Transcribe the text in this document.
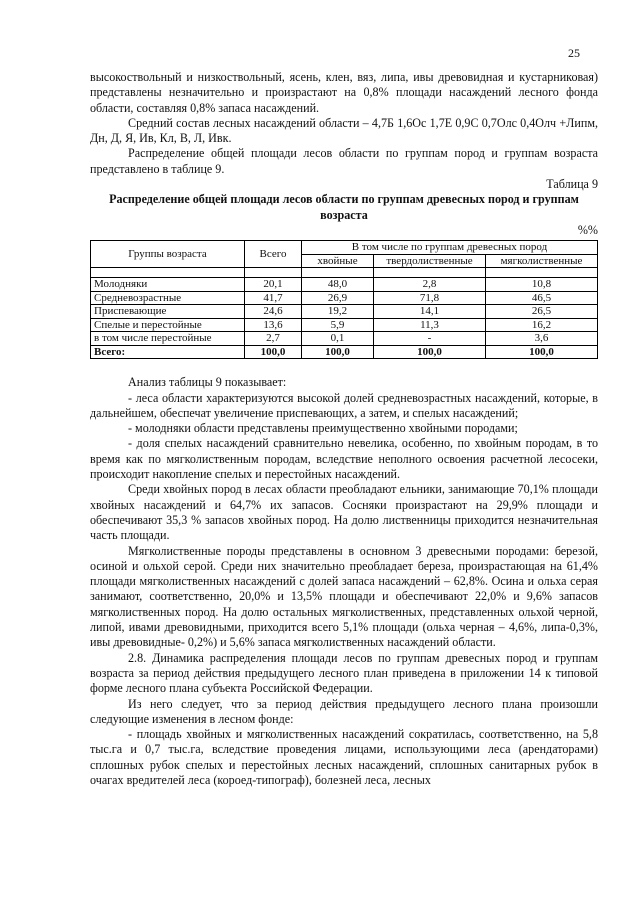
25

высокоствольный и низкоствольный, ясень, клен, вяз, липа, ивы древовидная и кустарниковая) представлены незначительно и произрастают на 0,8% площади насаждений лесного фонда области, составляя 0,8% запаса насаждений.

Средний состав лесных насаждений области – 4,7Б 1,6Ос 1,7Е 0,9С 0,7Олс 0,4Олч +Липм, Дн, Д, Я, Ив, Кл, В, Л, Ивк.

Распределение общей площади лесов области по группам пород и группам возраста представлено в таблице 9.

Таблица 9

Распределение общей площади лесов области по группам древесных пород и группам возраста

%%

Группы возраста	Всего	В том числе по группам древесных пород		
		хвойные	твердолиственные	мягколиственные

Молодняки	20,1	48,0	2,8	10,8
Средневозрастные	41,7	26,9	71,8	46,5
Приспевающие	24,6	19,2	14,1	26,5
Спелые и перестойные	13,6	5,9	11,3	16,2
в том числе перестойные	2,7	0,1	-	3,6
Всего:	100,0	100,0	100,0	100,0

Анализ таблицы 9 показывает:

- леса области характеризуются высокой долей средневозрастных насаждений, которые, в дальнейшем, обеспечат увеличение приспевающих, а затем, и спелых насаждений;

- молодняки области представлены преимущественно хвойными породами;

- доля спелых насаждений сравнительно невелика, особенно, по хвойным породам, в то время как по мягколиственным породам, вследствие неполного освоения расчетной лесосеки, происходит накопление спелых и перестойных насаждений.

Среди хвойных пород в лесах области преобладают ельники, занимающие 70,1% площади хвойных насаждений и 64,7% их запасов. Сосняки произрастают на 29,9% площади и обеспечивают 35,3 % запасов хвойных пород. На долю лиственницы приходится незначительная часть площади.

Мягколиственные породы представлены в основном 3 древесными породами: березой, осиной и ольхой серой. Среди них значительно преобладает береза, произрастающая на 61,4% площади мягколиственных насаждений с долей запаса насаждений – 62,8%. Осина и ольха серая занимают, соответственно, 20,0% и 13,5% площади и обеспечивают 22,0% и 9,6% запасов мягколиственных пород. На долю остальных мягколиственных, представленных ольхой черной, липой, ивами древовидными, приходится всего 5,1% площади (ольха черная – 4,6%, липа-0,3%, ивы древовидные- 0,2%) и 5,6% запаса мягколиственных насаждений области.

2.8. Динамика распределения площади лесов по группам древесных пород и группам возраста за период действия предыдущего лесного план приведена в приложении 14 к типовой форме лесного плана субъекта Российской Федерации.

Из него следует, что за период действия предыдущего лесного плана произошли следующие изменения в лесном фонде:

- площадь хвойных и мягколиственных насаждений сократилась, соответственно, на 5,8 тыс.га и 0,7 тыс.га, вследствие проведения лицами, использующими леса (арендаторами) сплошных рубок спелых и перестойных лесных насаждений, сплошных санитарных рубок в очагах вредителей леса (короед-типограф), болезней леса, лесных
